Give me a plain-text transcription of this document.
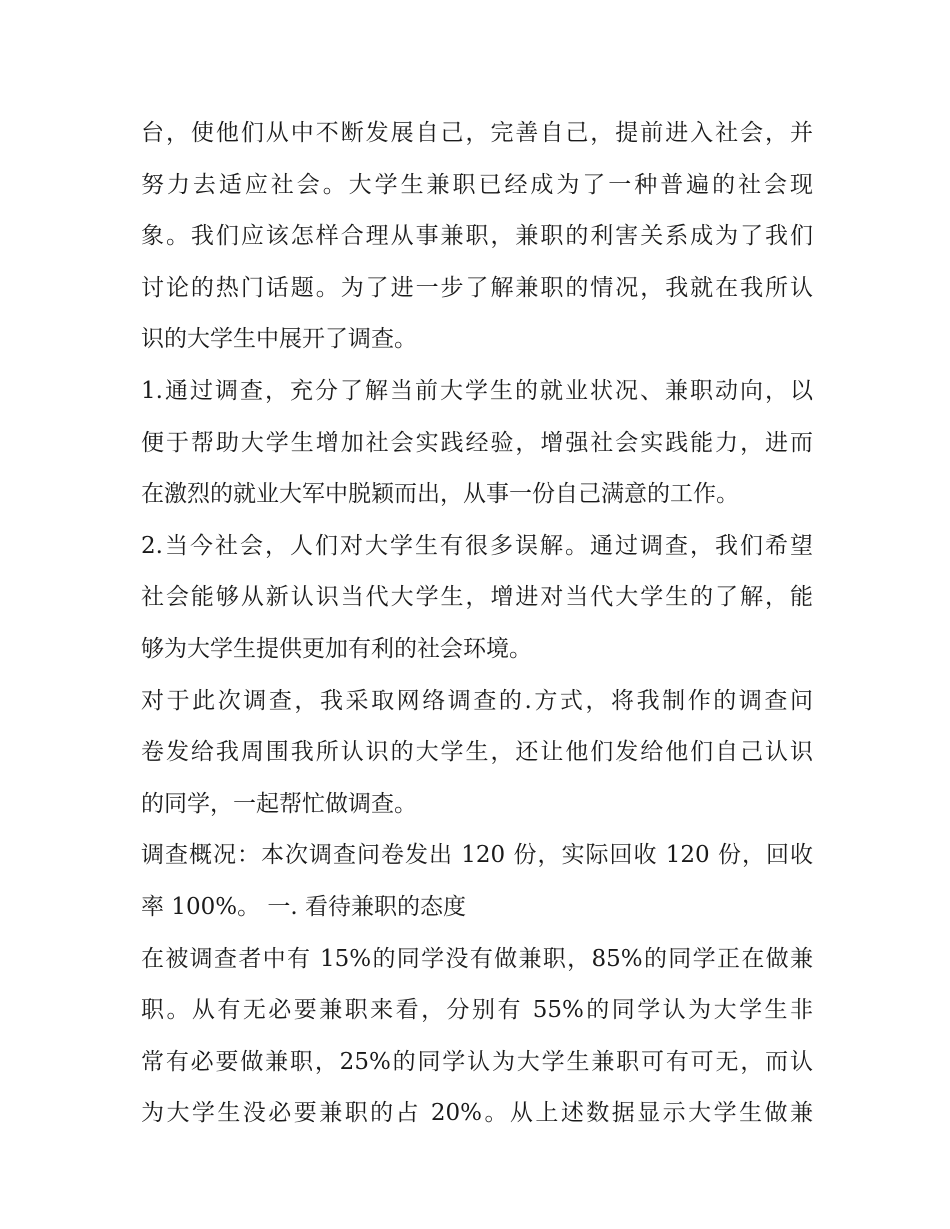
台，使他们从中不断发展自己，完善自己，提前进入社会，并
努力去适应社会。大学生兼职已经成为了一种普遍的社会现
象。我们应该怎样合理从事兼职，兼职的利害关系成为了我们
讨论的热门话题。为了进一步了解兼职的情况，我就在我所认
识的大学生中展开了调查。
1.通过调查，充分了解当前大学生的就业状况、兼职动向，以
便于帮助大学生增加社会实践经验，增强社会实践能力，进而
在激烈的就业大军中脱颖而出，从事一份自己满意的工作。
2.当今社会，人们对大学生有很多误解。通过调查，我们希望
社会能够从新认识当代大学生，增进对当代大学生的了解，能
够为大学生提供更加有利的社会环境。
对于此次调查，我采取网络调查的.方式，将我制作的调查问
卷发给我周围我所认识的大学生，还让他们发给他们自己认识
的同学，一起帮忙做调查。
调查概况：本次调查问卷发出 120 份，实际回收 120 份，回收
率 100%。 一. 看待兼职的态度
在被调查者中有 15%的同学没有做兼职，85%的同学正在做兼
职。从有无必要兼职来看，分别有 55%的同学认为大学生非
常有必要做兼职，25%的同学认为大学生兼职可有可无，而认
为大学生没必要兼职的占 20%。从上述数据显示大学生做兼
